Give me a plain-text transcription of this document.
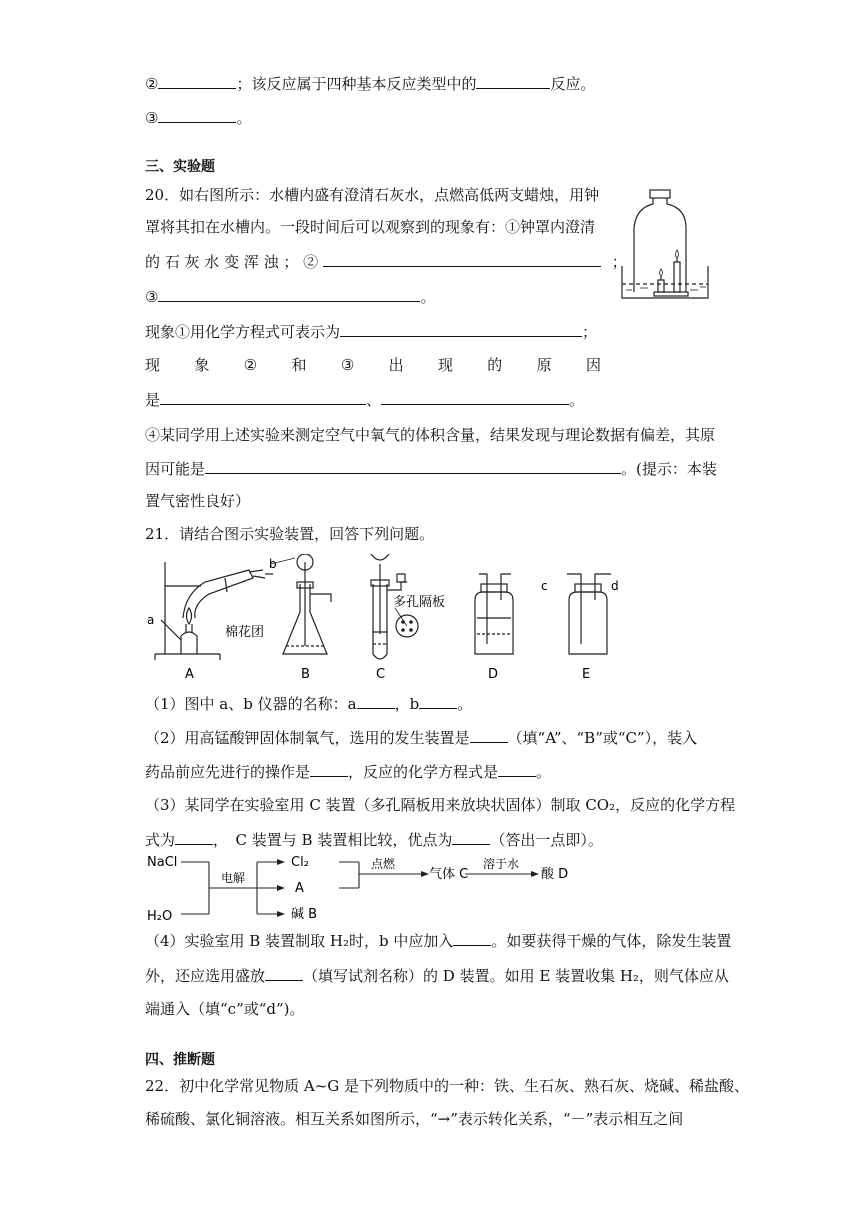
②	；该反应属于四种基本反应类型中的	反应。
③	。
三、实验题
20．如右图所示：水槽内盛有澄清石灰水，点燃高低两支蜡烛，用钟
罩将其扣在水槽内。一段时间后可以观察到的现象有：①钟罩内澄清
的 石 灰 水 变 浑 浊 ； ②	；
③	。
现象①用化学方程式可表示为	；
现 象 ② 和 ③ 出 现 的 原 因
是	、	。
④某同学用上述实验来测定空气中氧气的体积含量，结果发现与理论数据有偏差，其原
因可能是	。(提示：本装
置气密性良好）
21．请结合图示实验装置，回答下列问题。
a
b
棉花团
多孔隔板
c	d
A	B	C	D	E
（1）图中 a、b 仪器的名称：a	，b	。
（2）用高锰酸钾固体制氧气，选用的发生装置是	（填“A”、“B”或“C”），装入
药品前应先进行的操作是	，反应的化学方程式是	。
（3）某同学在实验室用 C 装置（多孔隔板用来放块状固体）制取 CO₂，反应的化学方程
式为	，　C 装置与 B 装置相比较，优点为	（答出一点即）。
NaCl
H₂O
电解
Cl₂
A
碱 B
点燃
气体 C
溶于水
酸 D
（4）实验室用 B 装置制取 H₂时，b 中应加入	。如要获得干燥的气体，除发生装置
外，还应选用盛放	（填写试剂名称）的 D 装置。如用 E 装置收集 H₂，则气体应从
端通入（填“c”或“d”)。
四、推断题
22．初中化学常见物质 A~G 是下列物质中的一种：铁、生石灰、熟石灰、烧碱、稀盐酸、
稀硫酸、氯化铜溶液。相互关系如图所示，“→”表示转化关系，“－”表示相互之间
